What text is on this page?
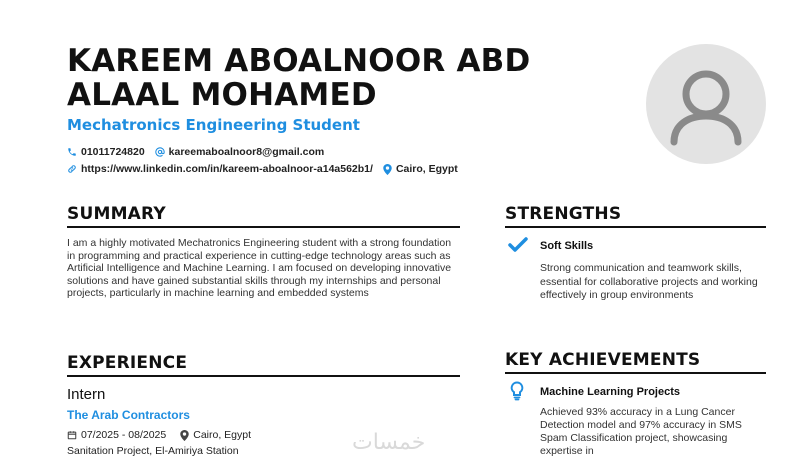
KAREEM ABOALNOOR ABD ALAAL MOHAMED
Mechatronics Engineering Student
01011724820 kareemaboalnoor8@gmail.com
https://www.linkedin.com/in/kareem-aboalnoor-a14a562b1/ Cairo, Egypt
SUMMARY
I am a highly motivated Mechatronics Engineering student with a strong foundation in programming and practical experience in cutting-edge technology areas such as Artificial Intelligence and Machine Learning. I am focused on developing innovative solutions and have gained substantial skills through my internships and personal projects, particularly in machine learning and embedded systems
EXPERIENCE
Intern
The Arab Contractors
07/2025 - 08/2025	Cairo, Egypt
Sanitation Project, El-Amiriya Station
STRENGTHS
Soft Skills
Strong communication and teamwork skills, essential for collaborative projects and working effectively in group environments
KEY ACHIEVEMENTS
Machine Learning Projects
Achieved 93% accuracy in a Lung Cancer Detection model and 97% accuracy in SMS Spam Classification project, showcasing expertise in
خمسات
